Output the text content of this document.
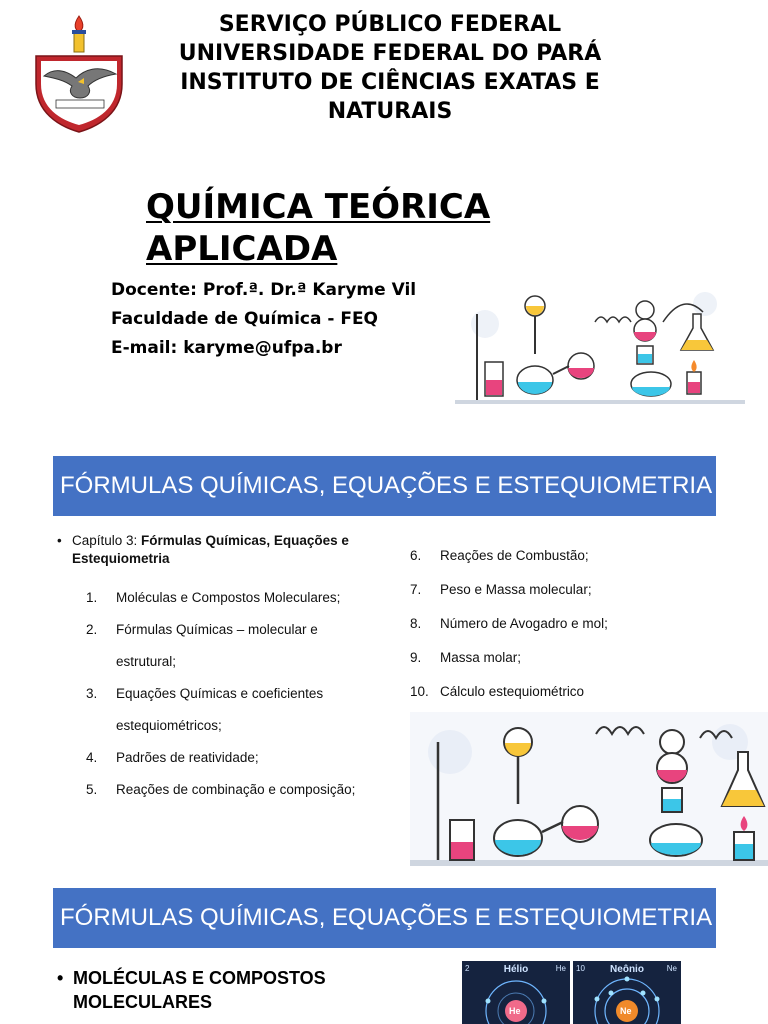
SERVIÇO PÚBLICO FEDERAL
UNIVERSIDADE FEDERAL DO PARÁ
INSTITUTO DE CIÊNCIAS EXATAS E
NATURAIS
QUÍMICA TEÓRICA
APLICADA
Docente: Prof.ª. Dr.ª Karyme Vil
Faculdade de Química - FEQ
E-mail: karyme@ufpa.br
FÓRMULAS QUÍMICAS, EQUAÇÕES E ESTEQUIOMETRIA
• Capítulo 3: Fórmulas Químicas, Equações e
Estequiometria
1. Moléculas e Compostos Moleculares;
2. Fórmulas Químicas – molecular e
estrutural;
3. Equações Químicas e coeficientes
estequiométricos;
4. Padrões de reatividade;
5. Reações de combinação e composição;
6. Reações de Combustão;
7. Peso e Massa molecular;
8. Número de Avogadro e mol;
9. Massa molar;
10. Cálculo estequiométrico
FÓRMULAS QUÍMICAS, EQUAÇÕES E ESTEQUIOMETRIA
• MOLÉCULAS E COMPOSTOS
MOLECULARES
2	Hélio	He
He
10	Neônio	Ne
Ne
